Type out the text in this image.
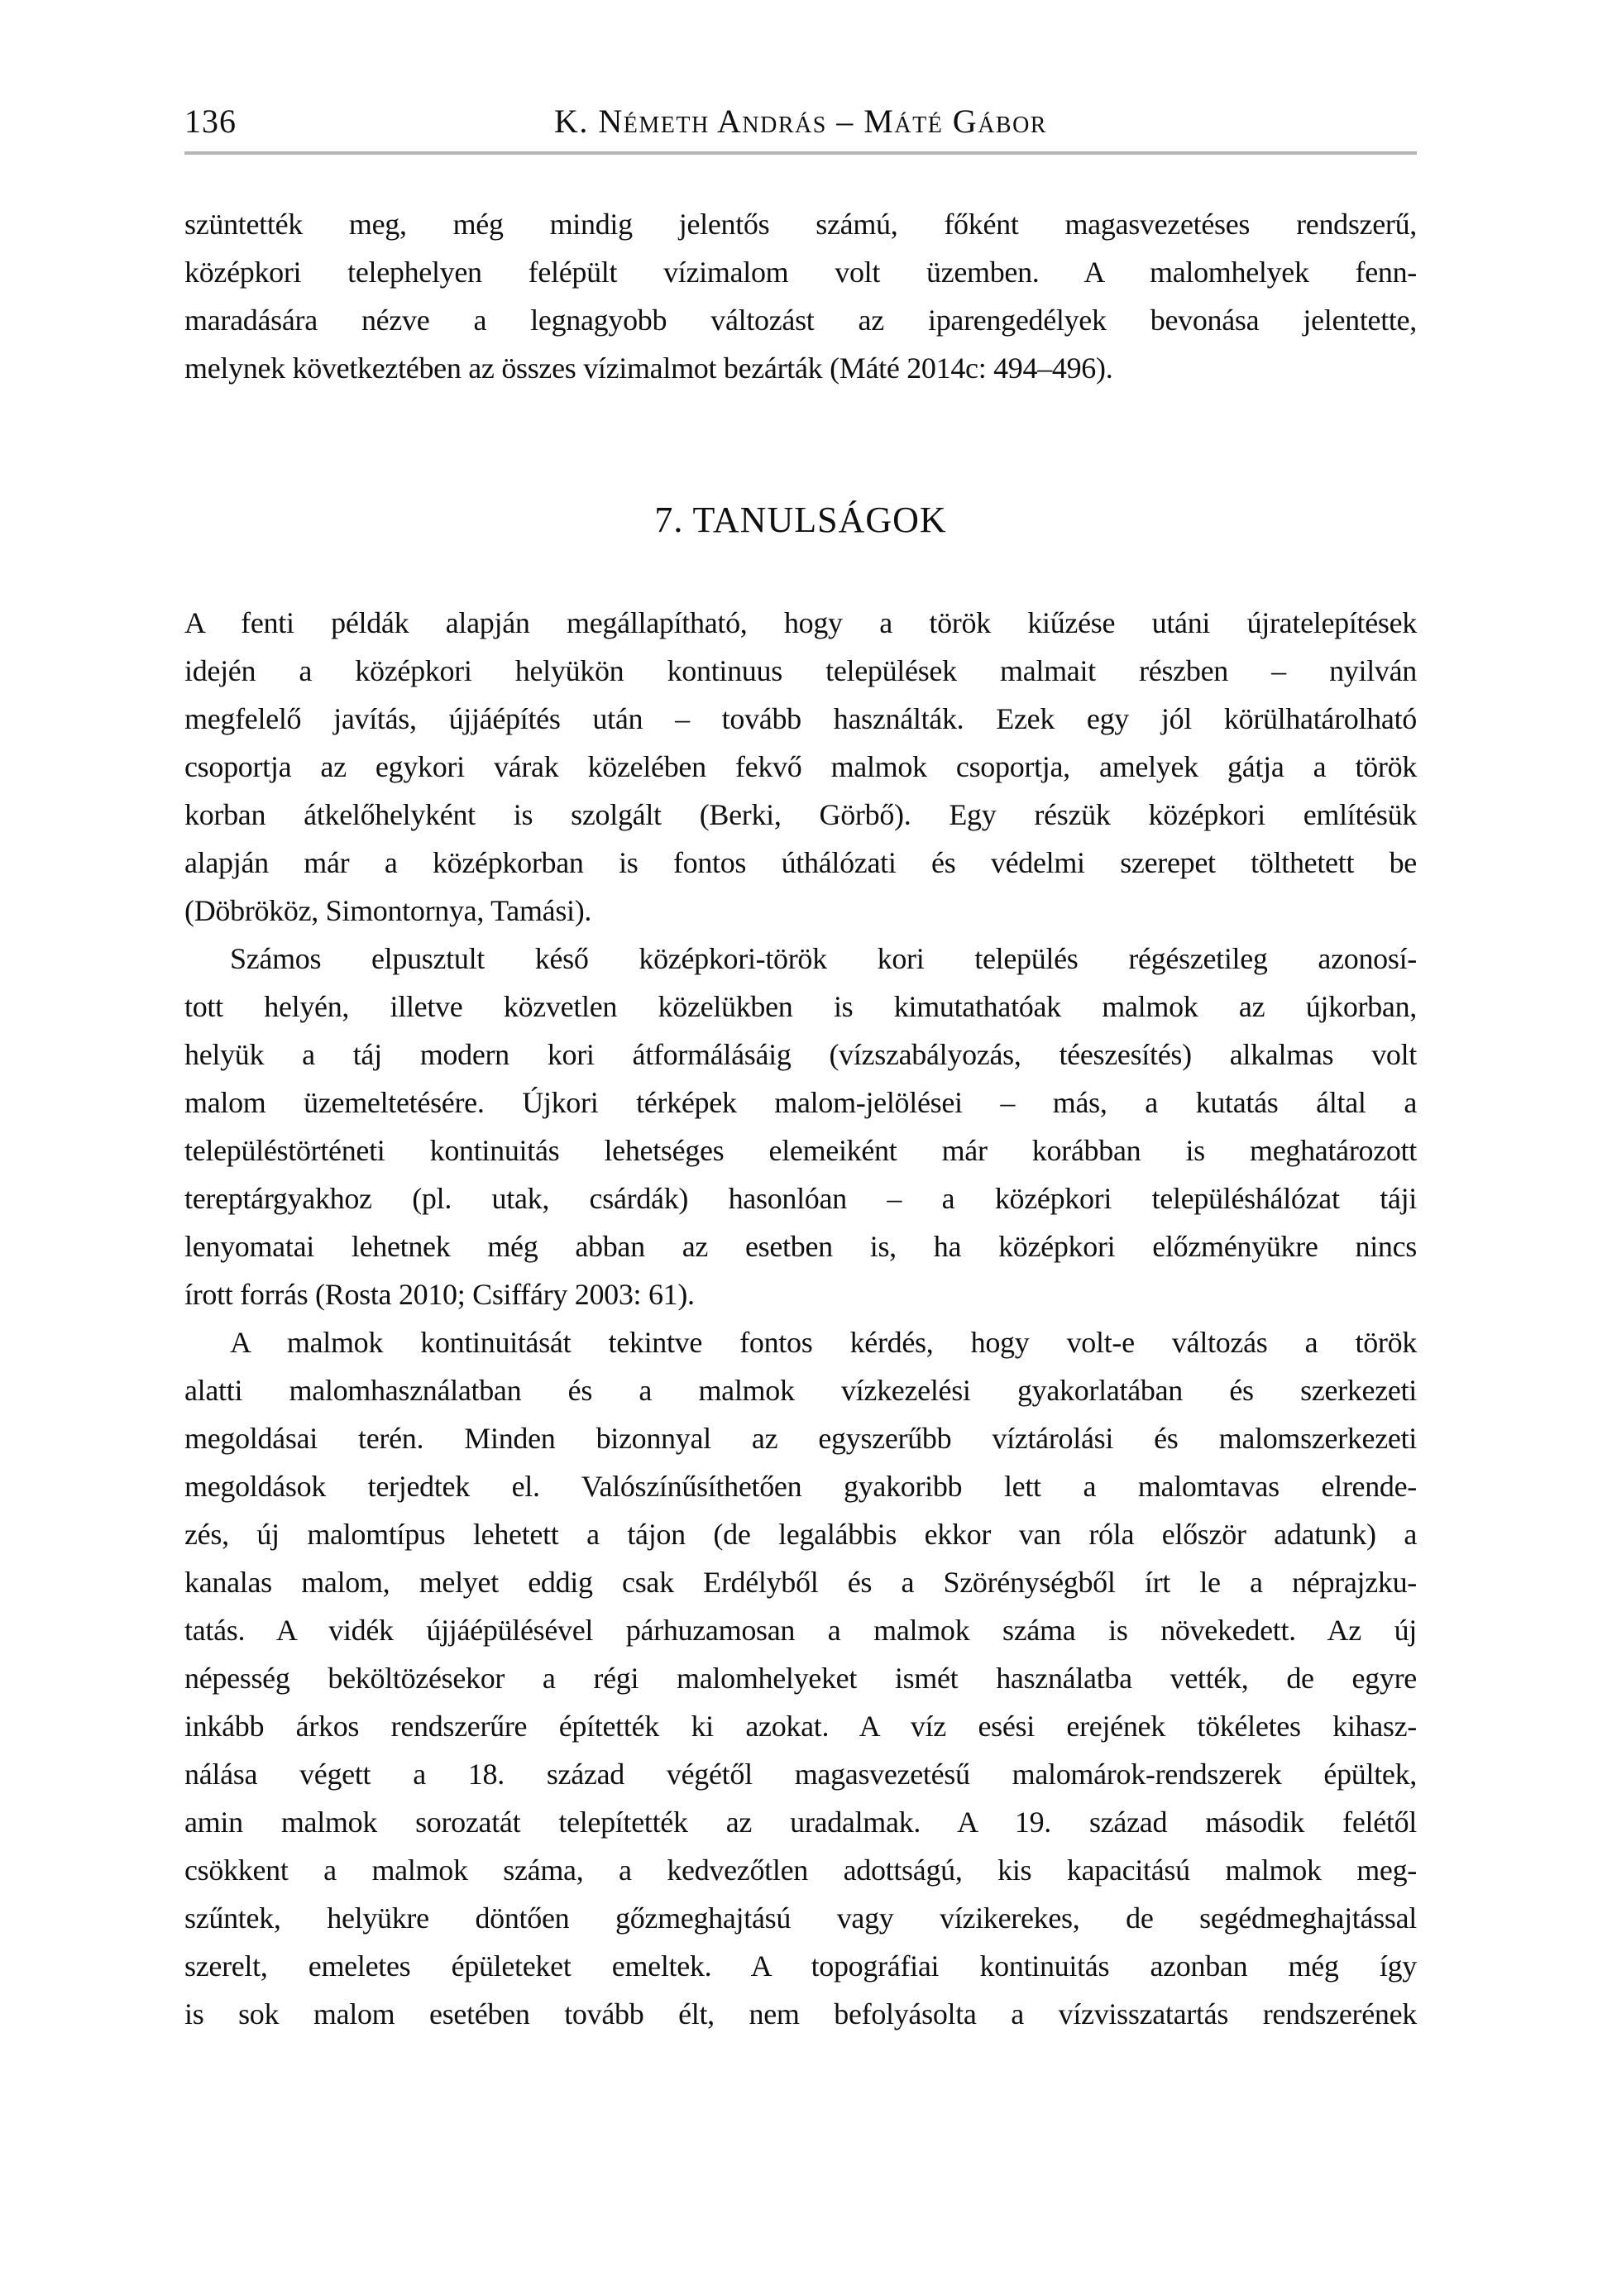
136	K. Németh András – Máté Gábor
szüntették meg, még mindig jelentős számú, főként magasvezetéses rendszerű,
középkori telephelyen felépült vízimalom volt üzemben. A malomhelyek fenn-
maradására nézve a legnagyobb változást az iparengedélyek bevonása jelentette,
melynek következtében az összes vízimalmot bezárták (Máté 2014c: 494–496).
7. TANULSÁGOK
A fenti példák alapján megállapítható, hogy a török kiűzése utáni újratelepítések
idején a középkori helyükön kontinuus települések malmait részben – nyilván
megfelelő javítás, újjáépítés után – tovább használták. Ezek egy jól körülhatárolható
csoportja az egykori várak közelében fekvő malmok csoportja, amelyek gátja a török
korban átkelőhelyként is szolgált (Berki, Görbő). Egy részük középkori említésük
alapján már a középkorban is fontos úthálózati és védelmi szerepet tölthetett be
(Döbrököz, Simontornya, Tamási).
Számos elpusztult késő középkori-török kori település régészetileg azonosí-
tott helyén, illetve közvetlen közelükben is kimutathatóak malmok az újkorban,
helyük a táj modern kori átformálásáig (vízszabályozás, téeszesítés) alkalmas volt
malom üzemeltetésére. Újkori térképek malom-jelölései – más, a kutatás által a
településtörténeti kontinuitás lehetséges elemeiként már korábban is meghatározott
tereptárgyakhoz (pl. utak, csárdák) hasonlóan – a középkori településhálózat táji
lenyomatai lehetnek még abban az esetben is, ha középkori előzményükre nincs
írott forrás (Rosta 2010; Csiffáry 2003: 61).
A malmok kontinuitását tekintve fontos kérdés, hogy volt-e változás a török
alatti malomhasználatban és a malmok vízkezelési gyakorlatában és szerkezeti
megoldásai terén. Minden bizonnyal az egyszerűbb víztárolási és malomszerkezeti
megoldások terjedtek el. Valószínűsíthetően gyakoribb lett a malomtavas elrende-
zés, új malomtípus lehetett a tájon (de legalábbis ekkor van róla először adatunk) a
kanalas malom, melyet eddig csak Erdélyből és a Szörénységből írt le a néprajzku-
tatás. A vidék újjáépülésével párhuzamosan a malmok száma is növekedett. Az új
népesség beköltözésekor a régi malomhelyeket ismét használatba vették, de egyre
inkább árkos rendszerűre építették ki azokat. A víz esési erejének tökéletes kihasz-
nálása végett a 18. század végétől magasvezetésű malomárok-rendszerek épültek,
amin malmok sorozatát telepítették az uradalmak. A 19. század második felétől
csökkent a malmok száma, a kedvezőtlen adottságú, kis kapacitású malmok meg-
szűntek, helyükre döntően gőzmeghajtású vagy vízikerekes, de segédmeghajtással
szerelt, emeletes épületeket emeltek. A topográfiai kontinuitás azonban még így
is sok malom esetében tovább élt, nem befolyásolta a vízvisszatartás rendszerének
